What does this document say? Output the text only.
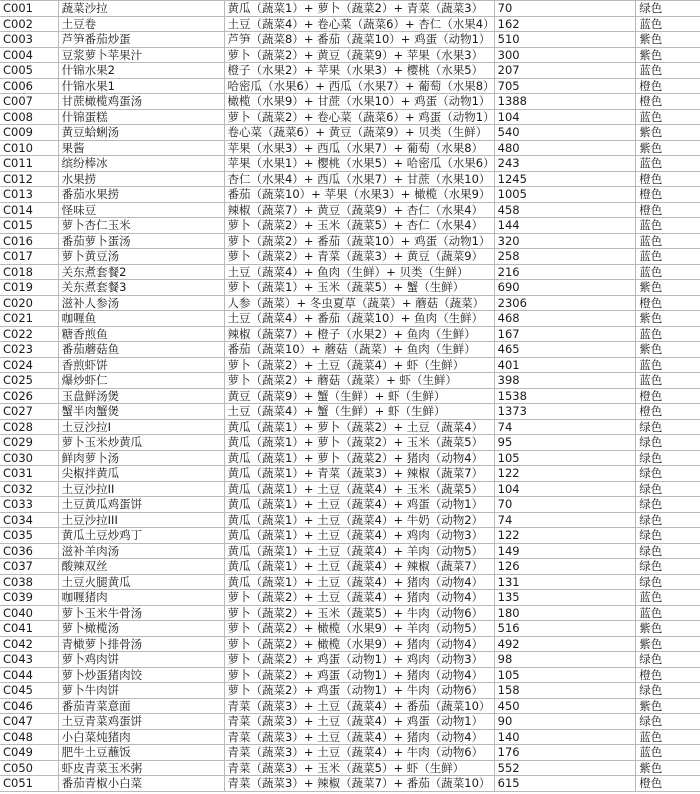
C001	蔬菜沙拉	黄瓜（蔬菜1）+ 萝卜（蔬菜2）+ 青菜（蔬菜3）	70	绿色
C002	土豆卷	土豆（蔬菜4）+ 卷心菜（蔬菜6）+ 杏仁（水果4）	162	蓝色
C003	芦笋番茄炒蛋	芦笋（蔬菜8）+ 番茄（蔬菜10）+ 鸡蛋（动物1）	510	紫色
C004	豆浆萝卜苹果汁	萝卜（蔬菜2）+ 黄豆（蔬菜9）+ 苹果（水果3）	300	紫色
C005	什锦水果2	橙子（水果2）+ 苹果（水果3）+ 樱桃（水果5）	207	蓝色
C006	什锦水果1	哈密瓜（水果6）+ 西瓜（水果7）+ 葡萄（水果8）	705	橙色
C007	甘蔗橄榄鸡蛋汤	橄榄（水果9）+ 甘蔗（水果10）+ 鸡蛋（动物1）	1388	橙色
C008	什锦蛋糕	萝卜（蔬菜2）+ 卷心菜（蔬菜6）+ 鸡蛋（动物1）	104	蓝色
C009	黄豆蛤蜊汤	卷心菜（蔬菜6）+ 黄豆（蔬菜9）+ 贝类（生鲜）	540	紫色
C010	果酱	苹果（水果3）+ 西瓜（水果7）+ 葡萄（水果8）	480	紫色
C011	缤纷棒冰	苹果（水果1）+ 樱桃（水果5）+ 哈密瓜（水果6）	243	蓝色
C012	水果捞	杏仁（水果4）+ 西瓜（水果7）+ 甘蔗（水果10）	1245	橙色
C013	番茄水果捞	番茄（蔬菜10）+ 苹果（水果3）+ 橄榄（水果9）	1005	橙色
C014	怪味豆	辣椒（蔬菜7）+ 黄豆（蔬菜9）+ 杏仁（水果4）	458	橙色
C015	萝卜杏仁玉米	萝卜（蔬菜2）+ 玉米（蔬菜5）+ 杏仁（水果4）	144	蓝色
C016	番茄萝卜蛋汤	萝卜（蔬菜2）+ 番茄（蔬菜10）+ 鸡蛋（动物1）	320	蓝色
C017	萝卜黄豆汤	萝卜（蔬菜2）+ 青菜（蔬菜3）+ 黄豆（蔬菜9）	258	蓝色
C018	关东煮套餐2	土豆（蔬菜4）+ 鱼肉（生鲜）+ 贝类（生鲜）	216	蓝色
C019	关东煮套餐3	萝卜（蔬菜1）+ 玉米（蔬菜5）+ 蟹（生鲜）	690	紫色
C020	滋补人参汤	人参（蔬菜）+ 冬虫夏草（蔬菜）+ 蘑菇（蔬菜）	2306	橙色
C021	咖喱鱼	土豆（蔬菜4）+ 番茄（蔬菜10）+ 鱼肉（生鲜）	468	紫色
C022	糖香煎鱼	辣椒（蔬菜7）+ 橙子（水果2）+ 鱼肉（生鲜）	167	蓝色
C023	番茄蘑菇鱼	番茄（蔬菜10）+ 蘑菇（蔬菜）+ 鱼肉（生鲜）	465	紫色
C024	香煎虾饼	萝卜（蔬菜2）+ 土豆（蔬菜4）+ 虾（生鲜）	401	蓝色
C025	爆炒虾仁	萝卜（蔬菜2）+ 蘑菇（蔬菜）+ 虾（生鲜）	398	蓝色
C026	玉盘鲜汤煲	黄豆（蔬菜9）+ 蟹（生鲜）+ 虾（生鲜）	1538	橙色
C027	蟹半肉蟹煲	土豆（蔬菜4）+ 蟹（生鲜）+ 虾（生鲜）	1373	橙色
C028	土豆沙拉I	黄瓜（蔬菜1）+ 萝卜（蔬菜2）+ 土豆（蔬菜4）	74	绿色
C029	萝卜玉米炒黄瓜	黄瓜（蔬菜1）+ 萝卜（蔬菜2）+ 玉米（蔬菜5）	95	绿色
C030	鲜肉萝卜汤	黄瓜（蔬菜1）+ 萝卜（蔬菜2）+ 猪肉（动物4）	105	绿色
C031	尖椒拌黄瓜	黄瓜（蔬菜1）+ 青菜（蔬菜3）+ 辣椒（蔬菜7）	122	绿色
C032	土豆沙拉II	黄瓜（蔬菜1）+ 土豆（蔬菜4）+ 玉米（蔬菜5）	104	绿色
C033	土豆黄瓜鸡蛋饼	黄瓜（蔬菜1）+ 土豆（蔬菜4）+ 鸡蛋（动物1）	70	绿色
C034	土豆沙拉III	黄瓜（蔬菜1）+ 土豆（蔬菜4）+ 牛奶（动物2）	74	绿色
C035	黄瓜土豆炒鸡丁	黄瓜（蔬菜1）+ 土豆（蔬菜4）+ 鸡肉（动物3）	122	绿色
C036	滋补羊肉汤	黄瓜（蔬菜1）+ 土豆（蔬菜4）+ 羊肉（动物5）	149	绿色
C037	酸辣双丝	黄瓜（蔬菜1）+ 土豆（蔬菜4）+ 辣椒（蔬菜7）	126	绿色
C038	土豆火腿黄瓜	黄瓜（蔬菜1）+ 土豆（蔬菜4）+ 猪肉（动物4）	131	绿色
C039	咖喱猪肉	萝卜（蔬菜2）+ 土豆（蔬菜4）+ 猪肉（动物4）	135	蓝色
C040	萝卜玉米牛骨汤	萝卜（蔬菜2）+ 玉米（蔬菜5）+ 牛肉（动物6）	180	蓝色
C041	萝卜橄榄汤	萝卜（蔬菜2）+ 橄榄（水果9）+ 羊肉（动物5）	516	紫色
C042	青橄萝卜排骨汤	萝卜（蔬菜2）+ 橄榄（水果9）+ 猪肉（动物4）	492	紫色
C043	萝卜鸡肉饼	萝卜（蔬菜2）+ 鸡蛋（动物1）+ 鸡肉（动物3）	98	绿色
C044	萝卜炒蛋猪肉饺	萝卜（蔬菜2）+ 鸡蛋（动物1）+ 猪肉（动物4）	105	橙色
C045	萝卜牛肉饼	萝卜（蔬菜2）+ 鸡蛋（动物1）+ 牛肉（动物6）	158	绿色
C046	番茄青菜意面	青菜（蔬菜3）+ 土豆（蔬菜4）+ 番茄（蔬菜10）	450	紫色
C047	土豆青菜鸡蛋饼	青菜（蔬菜3）+ 土豆（蔬菜4）+ 鸡蛋（动物1）	90	绿色
C048	小白菜炖猪肉	青菜（蔬菜3）+ 土豆（蔬菜4）+ 猪肉（动物4）	140	蓝色
C049	肥牛土豆蘸饭	青菜（蔬菜3）+ 土豆（蔬菜4）+ 牛肉（动物6）	176	蓝色
C050	虾皮青菜玉米粥	青菜（蔬菜3）+ 玉米（蔬菜5）+ 虾（生鲜）	552	紫色
C051	番茄青椒小白菜	青菜（蔬菜3）+ 辣椒（蔬菜7）+ 番茄（蔬菜10）	615	橙色
